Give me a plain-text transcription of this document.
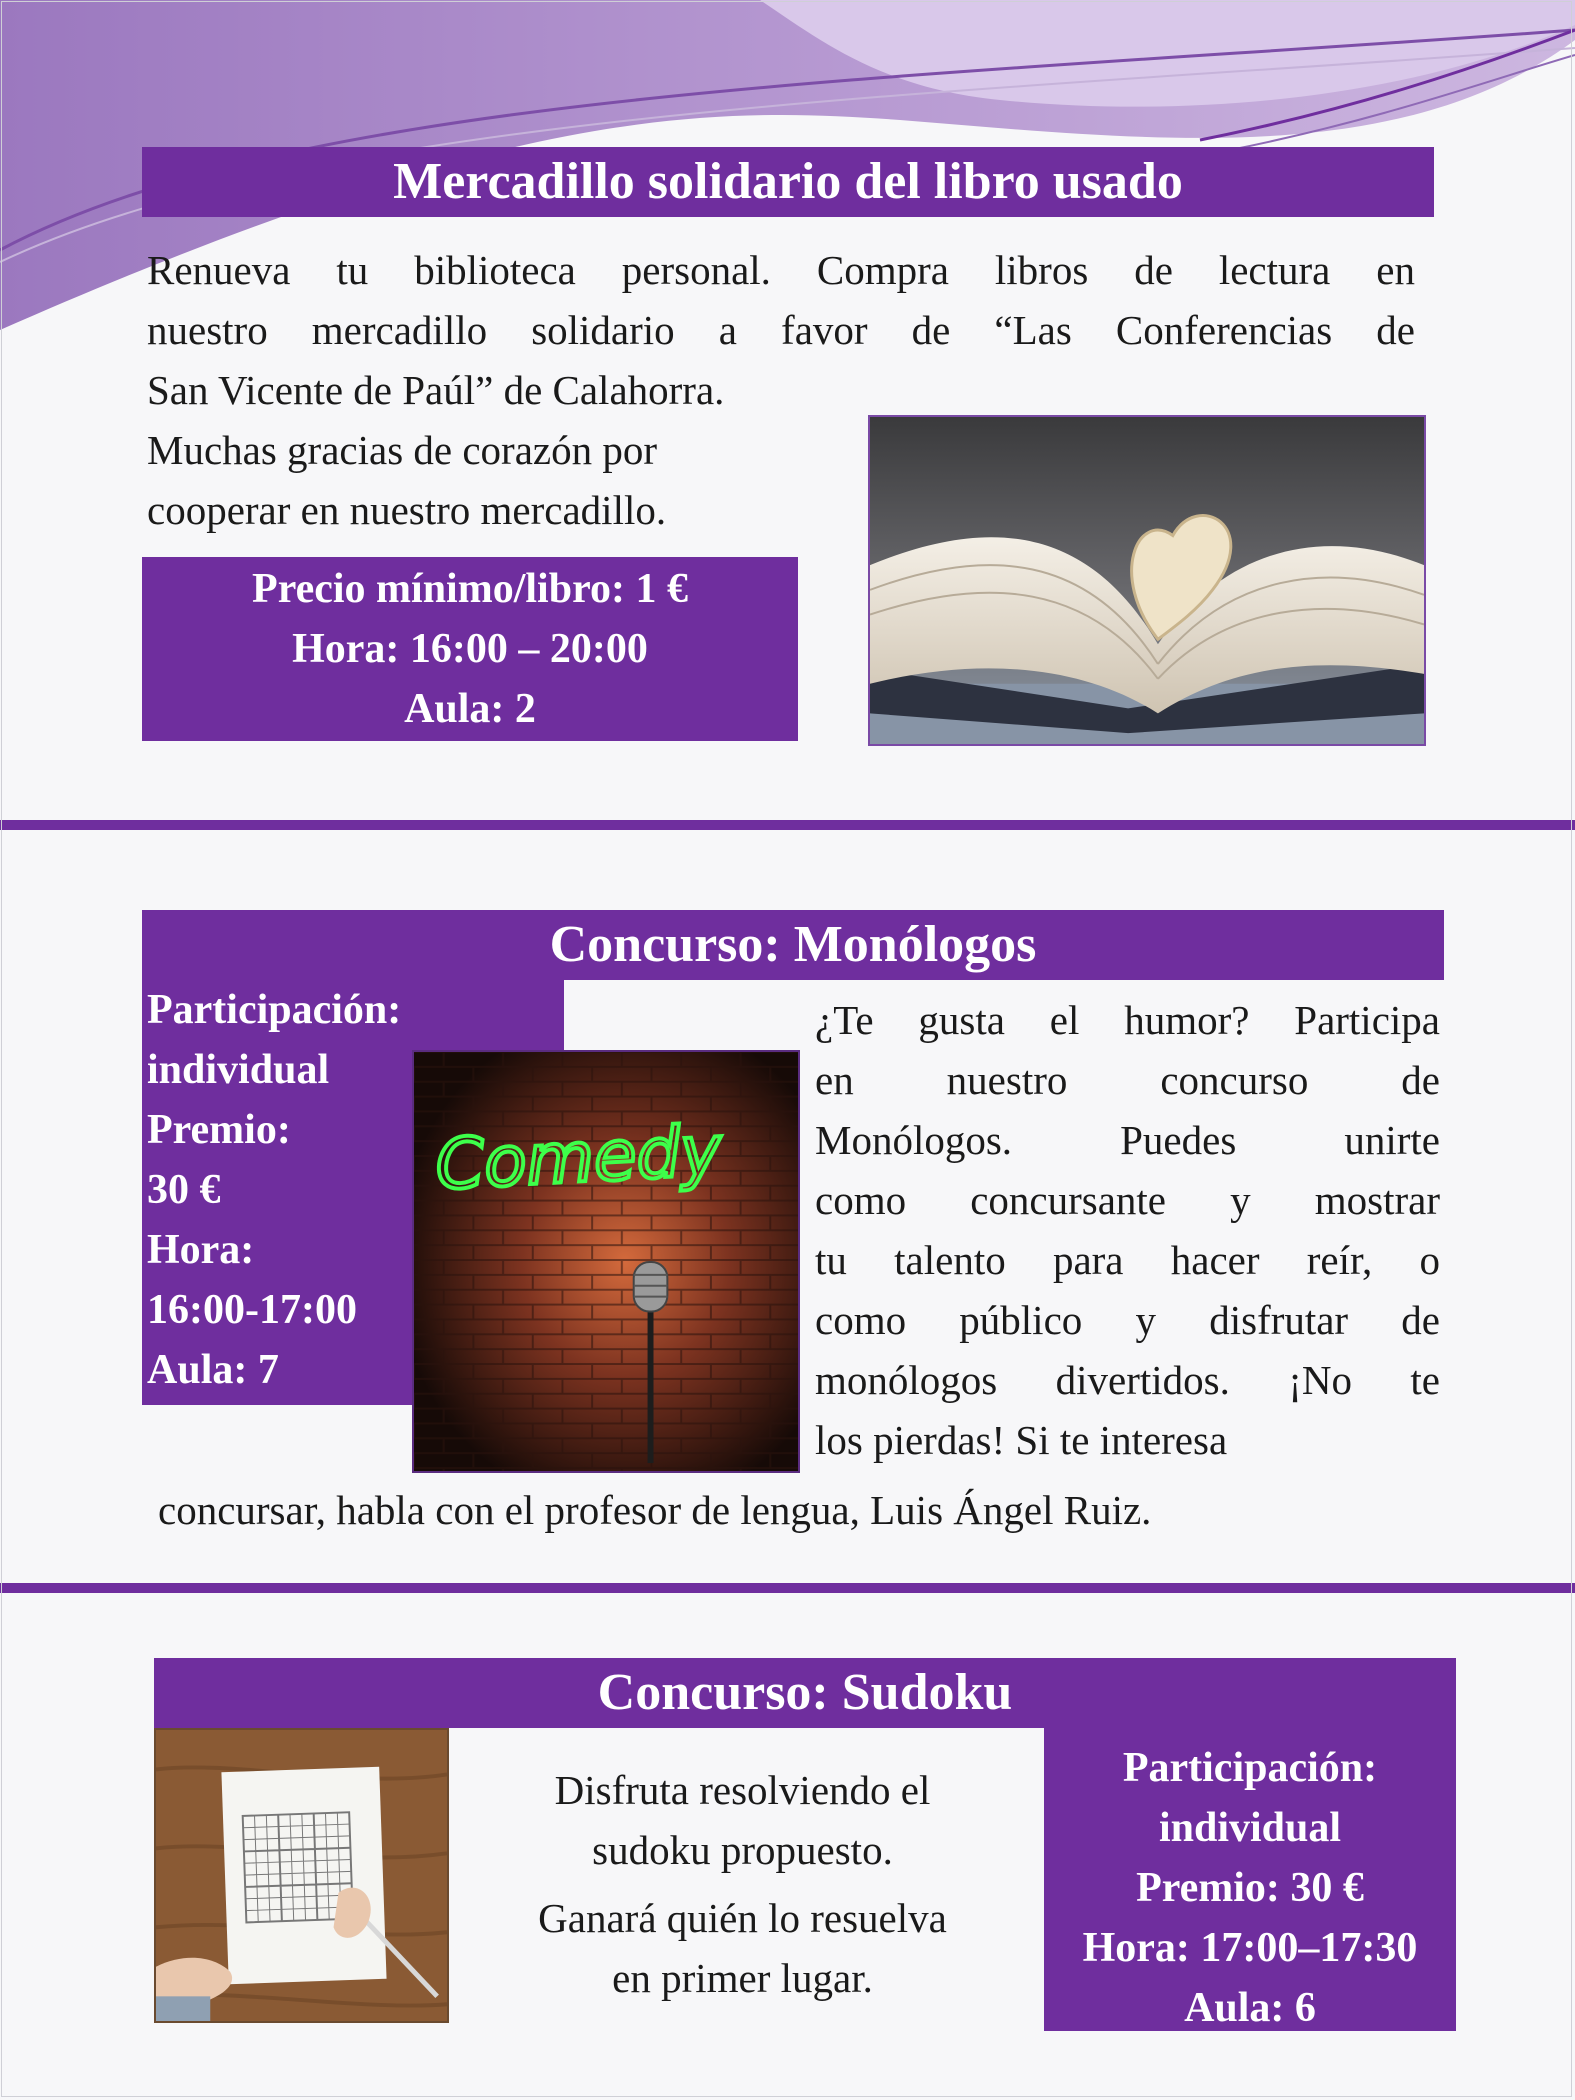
Mercadillo solidario del libro usado
Renueva tu biblioteca personal. Compra libros de lectura en
nuestro mercadillo solidario a favor de “Las Conferencias de
San Vicente de Paúl” de Calahorra.
Muchas gracias de corazón por
cooperar en nuestro mercadillo.
Precio mínimo/libro: 1 €
Hora: 16:00 – 20:00
Aula: 2
Concurso: Monólogos
Participación:
individual
Premio:
30 €
Hora:
16:00-17:00
Aula: 7
Comedy
¿Te gusta el humor? Participa
en nuestro concurso de
Monólogos. Puedes unirte
como concursante y mostrar
tu talento para hacer reír, o
como público y disfrutar de
monólogos divertidos. ¡No te
los pierdas! Si te interesa
concursar, habla con el profesor de lengua, Luis Ángel Ruiz.
Concurso: Sudoku
Disfruta resolviendo el
sudoku propuesto.
Ganará quién lo resuelva
en primer lugar.
Participación:
individual
Premio: 30 €
Hora: 17:00–17:30
Aula: 6
